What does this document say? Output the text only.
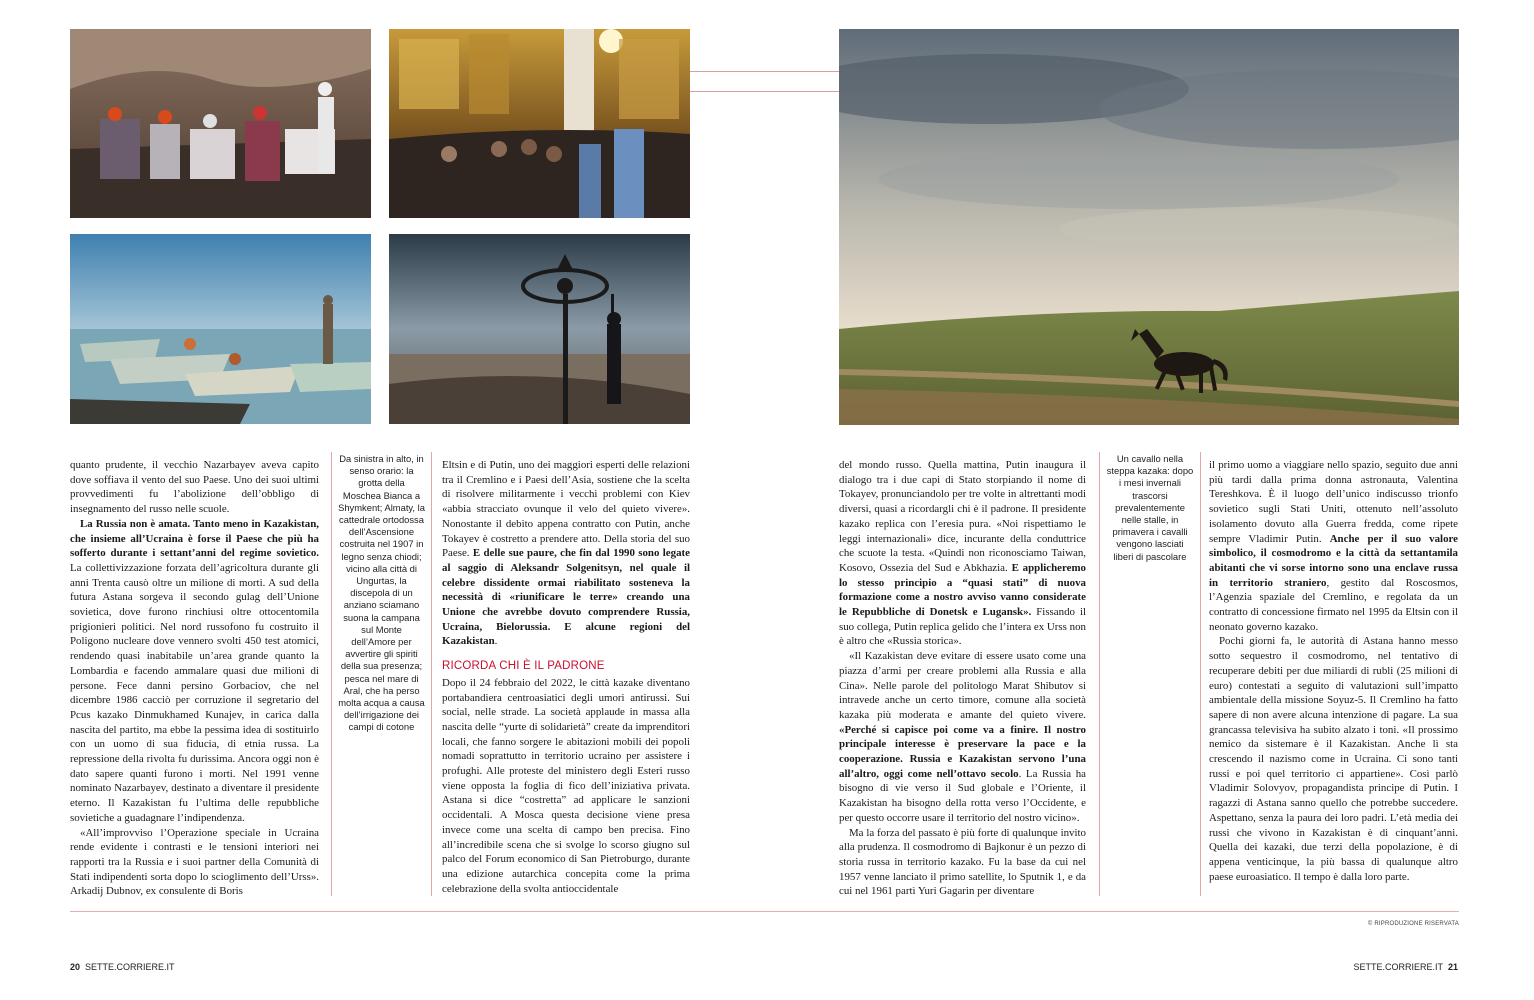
quanto prudente, il vecchio Nazarbayev aveva capito dove soffiava il vento del suo Paese. Uno dei suoi ultimi provvedimenti fu l’abolizione dell’obbligo di insegnamento del russo nelle scuole.

La Russia non è amata. Tanto meno in Kazakistan, che insieme all’Ucraina è forse il Paese che più ha sofferto durante i settant’anni del regime sovietico. La collettivizzazione forzata dell’agricoltura durante gli anni Trenta causò oltre un milione di morti. A sud della futura Astana sorgeva il secondo gulag dell’Unione sovietica, dove furono rinchiusi oltre ottocentomila prigionieri politici. Nel nord russofono fu costruito il Poligono nucleare dove vennero svolti 450 test atomici, rendendo quasi inabitabile un’area grande quanto la Lombardia e facendo ammalare quasi due milioni di persone. Fece danni persino Gorbaciov, che nel dicembre 1986 cacciò per corruzione il segretario del Pcus kazako Dinmukhamed Kunajev, in carica dalla nascita del partito, ma ebbe la pessima idea di sostituirlo con un uomo di sua fiducia, di etnia russa. La repressione della rivolta fu durissima. Ancora oggi non è dato sapere quanti furono i morti. Nel 1991 venne nominato Nazarbayev, destinato a diventare il presidente eterno. Il Kazakistan fu l’ultima delle repubbliche sovietiche a guadagnare l’indipendenza.

«All’improvviso l’Operazione speciale in Ucraina rende evidente i contrasti e le tensioni interiori nei rapporti tra la Russia e i suoi partner della Comunità di Stati indipendenti sorta dopo lo scioglimento dell’Urss». Arkadij Dubnov, ex consulente di Boris

Da sinistra in alto, in senso orario: la grotta della Moschea Bianca a Shymkent; Almaty, la cattedrale ortodossa dell’Ascensione costruita nel 1907 in legno senza chiodi; vicino alla città di Ungurtas, la discepola di un anziano sciamano suona la campana sul Monte dell’Amore per avvertire gli spiriti della sua presenza; pesca nel mare di Aral, che ha perso molta acqua a causa dell’irrigazione dei campi di cotone

Eltsin e di Putin, uno dei maggiori esperti delle relazioni tra il Cremlino e i Paesi dell’Asia, sostiene che la scelta di risolvere militarmente i vecchi problemi con Kiev «abbia stracciato ovunque il velo del quieto vivere». Nonostante il debito appena contratto con Putin, anche Tokayev è costretto a prendere atto. Della storia del suo Paese. E delle sue paure, che fin dal 1990 sono legate al saggio di Aleksandr Solgenitsyn, nel quale il celebre dissidente ormai riabilitato sosteneva la necessità di «riunificare le terre» creando una Unione che avrebbe dovuto comprendere Russia, Ucraina, Bielorussia. E alcune regioni del Kazakistan.

RICORDA CHI È IL PADRONE

Dopo il 24 febbraio del 2022, le città kazake diventano portabandiera centroasiatici degli umori antirussi. Sui social, nelle strade. La società applaude in massa alla nascita delle “yurte di solidarietà” create da imprenditori locali, che fanno sorgere le abitazioni mobili dei popoli nomadi soprattutto in territorio ucraino per assistere i profughi. Alle proteste del ministero degli Esteri russo viene opposta la foglia di fico dell’iniziativa privata. Astana si dice “costretta” ad applicare le sanzioni occidentali. A Mosca questa decisione viene presa invece come una scelta di campo ben precisa. Fino all’incredibile scena che si svolge lo scorso giugno sul palco del Forum economico di San Pietroburgo, durante una edizione autarchica concepita come la prima celebrazione della svolta antioccidentale

20 SETTE.CORRIERE.IT

del mondo russo. Quella mattina, Putin inaugura il dialogo tra i due capi di Stato storpiando il nome di Tokayev, pronunciandolo per tre volte in altrettanti modi diversi, quasi a ricordargli chi è il padrone. Il presidente kazako replica con l’eresia pura. «Noi rispettiamo le leggi internazionali» dice, incurante della conduttrice che scuote la testa. «Quindi non riconosciamo Taiwan, Kosovo, Ossezia del Sud e Abkhazia. E applicheremo lo stesso principio a “quasi stati” di nuova formazione come a nostro avviso vanno considerate le Repubbliche di Donetsk e Lugansk». Fissando il suo collega, Putin replica gelido che l’intera ex Urss non è altro che «Russia storica».

«Il Kazakistan deve evitare di essere usato come una piazza d’armi per creare problemi alla Russia e alla Cina». Nelle parole del politologo Marat Shibutov si intravede anche un certo timore, comune alla società kazaka più moderata e amante del quieto vivere. «Perché si capisce poi come va a finire. Il nostro principale interesse è preservare la pace e la cooperazione. Russia e Kazakistan servono l’una all’altro, oggi come nell’ottavo secolo. La Russia ha bisogno di vie verso il Sud globale e l’Oriente, il Kazakistan ha bisogno della rotta verso l’Occidente, e per questo occorre usare il territorio del nostro vicino».

Ma la forza del passato è più forte di qualunque invito alla prudenza. Il cosmodromo di Bajkonur è un pezzo di storia russa in territorio kazako. Fu la base da cui nel 1957 venne lanciato il primo satellite, lo Sputnik 1, e da cui nel 1961 partì Yuri Gagarin per diventare

Un cavallo nella steppa kazaka: dopo i mesi invernali trascorsi prevalentemente nelle stalle, in primavera i cavalli vengono lasciati liberi di pascolare

il primo uomo a viaggiare nello spazio, seguito due anni più tardi dalla prima donna astronauta, Valentina Tereshkova. È il luogo dell’unico indiscusso trionfo sovietico sugli Stati Uniti, ottenuto nell’assoluto isolamento dovuto alla Guerra fredda, come ripete sempre Vladimir Putin. Anche per il suo valore simbolico, il cosmodromo e la città da settantamila abitanti che vi sorse intorno sono una enclave russa in territorio straniero, gestito dal Roscosmos, l’Agenzia spaziale del Cremlino, e regolata da un contratto di concessione firmato nel 1995 da Eltsin con il neonato governo kazako.

Pochi giorni fa, le autorità di Astana hanno messo sotto sequestro il cosmodromo, nel tentativo di recuperare debiti per due miliardi di rubli (25 milioni di euro) contestati a seguito di valutazioni sull’impatto ambientale della missione Soyuz-5. Il Cremlino ha fatto sapere di non avere alcuna intenzione di pagare. La sua grancassa televisiva ha subito alzato i toni. «Il prossimo nemico da sistemare è il Kazakistan. Anche lì sta crescendo il nazismo come in Ucraina. Ci sono tanti russi e poi quel territorio ci appartiene». Così parlò Vladimir Solovyov, propagandista principe di Putin. I ragazzi di Astana sanno quello che potrebbe succedere. Aspettano, senza la paura dei loro padri. L’età media dei russi che vivono in Kazakistan è di cinquant’anni. Quella dei kazaki, due terzi della popolazione, è di appena venticinque, la più bassa di qualunque altro paese euroasiatico. Il tempo è dalla loro parte.

© RIPRODUZIONE RISERVATA
SETTE.CORRIERE.IT 21
